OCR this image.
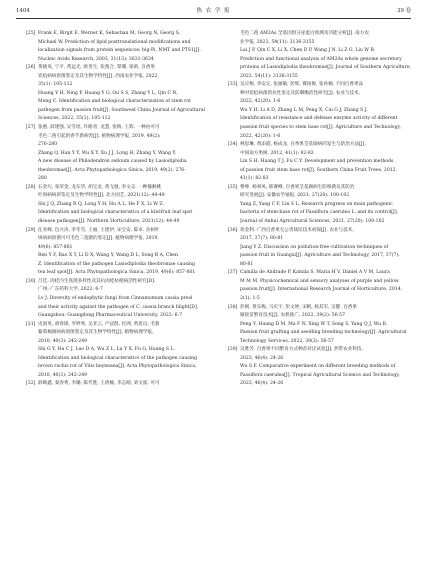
1404	热 农 学 报	39 卷
[25] Frank E, Birgit E, Werner K, Sebastian M, Georg N, Georg S,
Michael W. Prediction of lipid posttranslational modifications and
localization signals from protein sequences: big-Pi, NMT and PTS1[J].
Nucleic Acids Research, 2003, 31(13): 3631-3634
[26] 黄晓岚, 宁平, 黄远光, 欧善生, 张燕合, 覃珊, 梁莉, 百香果
炭疽病病原菌鉴定及其生物学特性[J]. 西南农业学报, 2022,
35(1): 105-112
Huang Y H, Ning P, Huang Y G, Ou S S, Zhang Y L, Qin C N,
Meng C. Identification and biological characterization of stem rot
pathogen from passion fruit[J]. Southwest China Journal of Agricultural
Sciences, 2022, 35(1): 105-112
[27] 张惠, 薛建强, 吴雪瑶, 许路青, 龙慧, 张梅, 王辉. 一种由可可
毛色二孢引起的香芋新病害[J]. 植物病理学报, 2019, 49(2):
276-280
Zhang Q, Han Y Y, Wu X Y, Xu J J, Long H, Zhang Y, Wang Y.
A new disease of Philodendron selloum caused by Lasiodiplodia
theobromae[J]. Acta Phytopathologica Sinica, 2019, 49(2): 276-
280
[28] 石金巧, 张荣金, 龙东华, 胡宝龙, 黄飞驰, 李文志. 一种猕猴桃
叶斑病病原鉴定及生物学特性[J]. 北方园艺, 2021(12): 44-49
Shi J Q, Zhang R Q, Long Y H, Hu A L, He F X, Li W Z.
Identification and biological characteristics of a kiwifruit leaf spot
disease pathogen[J]. Northern Horticulture, 2021(12): 44-49
[29] 任亚峰, 包兴涛, 李冬雪, 王丽, 王建伊, 宋宝安, 陈卓. 杂树叶
斑病病原菌可可毛色二孢菌的鉴定[J]. 植物病理学报, 2019,
49(6): 857-861
Ren Y F, Bao X T, Li D X, Wang Y, Wang D L, Song B A, Chen
Z. Identification of the pathogen Lasiodiplodia theobromae causing
tea leaf spot[J]. Acta Phytopathologica Sinica, 2019, 49(6): 857-861
[30] 吕佳. 肉桂内生真菌多样性及其抗肉桂枯梢病活性研究[D].
广州: 广东药科大学, 2022: 6-7
Lv J. Diversity of endophytic fungi from Cinnamomum cassia presl
and their activity against the pathogen of C. cassia branch blight[D].
Guangzhou: Guangdong Pharmaceutical University, 2022: 6-7
[31] 史国英, 胡春锦, 罗婷秀, 吴亚云, 卢冠群, 付洲, 黄思良, 毛蓉
葡萄褐腐病病原菌鉴定及其生物学特性[J]. 植物病理学报,
2010, 40(3): 242-249
Shi G Y, Hu C J, Luo D A, Wu Z L, Lu Y X, Fu G, Huang S L.
Identification and biological characteristics of the pathogen causing
brown rachis rot of Vitis heyneana[J]. Acta Phytopathologica Sinica,
2010, 40(3): 242-249
[32] 薛畴鑫, 秦春秀, 李璐, 陈代胜, 王倩楠, 李志刚, 刘文波. 可可
毛色二孢 AM2As 全基因组分泌蛋白预测及功能分析[J]. 南方农
业学报, 2023, 54(11): 3136-3155
Lai J P, Qin C X, Li X, Chen D P, Wang J N, Li Z G, Liu W B.
Prediction and functional analysis of AM2As whole genome secretory
proteins of Lasiodiplodia theobromae[J]. Journal of Southern Agriculture,
2023, 54(11): 3136-3155
[33] 吴应梅, 李安定, 张丽敏, 彭辉, 赛国俊, 张孙楠. 不同百香果品
种对炭疽病菌的抗性鉴定及防御酶活性研究[J]. 农业与技术,
2022, 42(20): 1-6
Wu Y H, Li A D, Zhang L M, Peng X, Cai G J, Zhang S J.
Identification of resistance and defense enzyme activity of different
passion fruit species to stem base rot[J]. Agriculture and Technology,
2022, 42(20): 1-6
[34] 林思琳, 黄添霞, 杨成龙. 百香果茎基腐病的发生与防治方法[J].
中国南方果树, 2012, 41(1): 82-83
Lin S H, Huang T J, Fu C Y. Development and prevention methods
of passion fruit stem base rot[J]. Southern China Fruit Trees, 2012,
41(1): 82-83
[35] 曹峥, 杨翠凤, 韩赛峰, 百香果茎基腐病生防细菌及其防治
研究进展[J]. 安徽农学通报, 2021, 27(20): 100-102
Yang Z, Yang C F, Lin S L. Research progress on main pathogenic
bacteria of stem-base rot of Passiflora caerulea L. and its control[J].
Journal of Anhui Agricultural Sciences, 2021, 27(20): 100-102
[36] 蒋金利. 广西百香果无公害栽培技术初探[J]. 农业与技术,
2017, 37(7): 80-81
Jiang Y Z. Discussion on pollution-free cultivation techniques of
passion fruit in Guangxi[J]. Agriculture and Technology, 2017, 37(7):
80-81
[37] Camilla de Andrade P, Kamila S, Maria H V, Daniel A V M, Laura
M M M. Physicochemical and sensory analyses of purple and yellow
passion fruit[J]. International Research Journal of Horticulture, 2014,
2(1): 1-5
[38] 彭朝, 黄东梅, 马庆宇, 彭文婷, 宋帆, 杨其军, 吴健. 百香果
嫁接苗繁育技术[J]. 农机推广, 2022, 39(2): 56-57
Peng Y, Huang D M, Ma F N, Xing W T, Song S, Yang Q J, Wu B.
Passion fruit grafting and seedling breeding technology[J]. Agricultural
Technology Services, 2022, 39(2): 56-57
[39] 吴胜芳. 百香果不同繁育方式种苗对比试验[J]. 热带农业科技,
2023, 46(4): 24-26
Wu S F. Comparative experiment on different breeding methods of
Passiflora caerulea[J]. Tropical Agricultural Science and Technology,
2023, 46(4): 24-26
